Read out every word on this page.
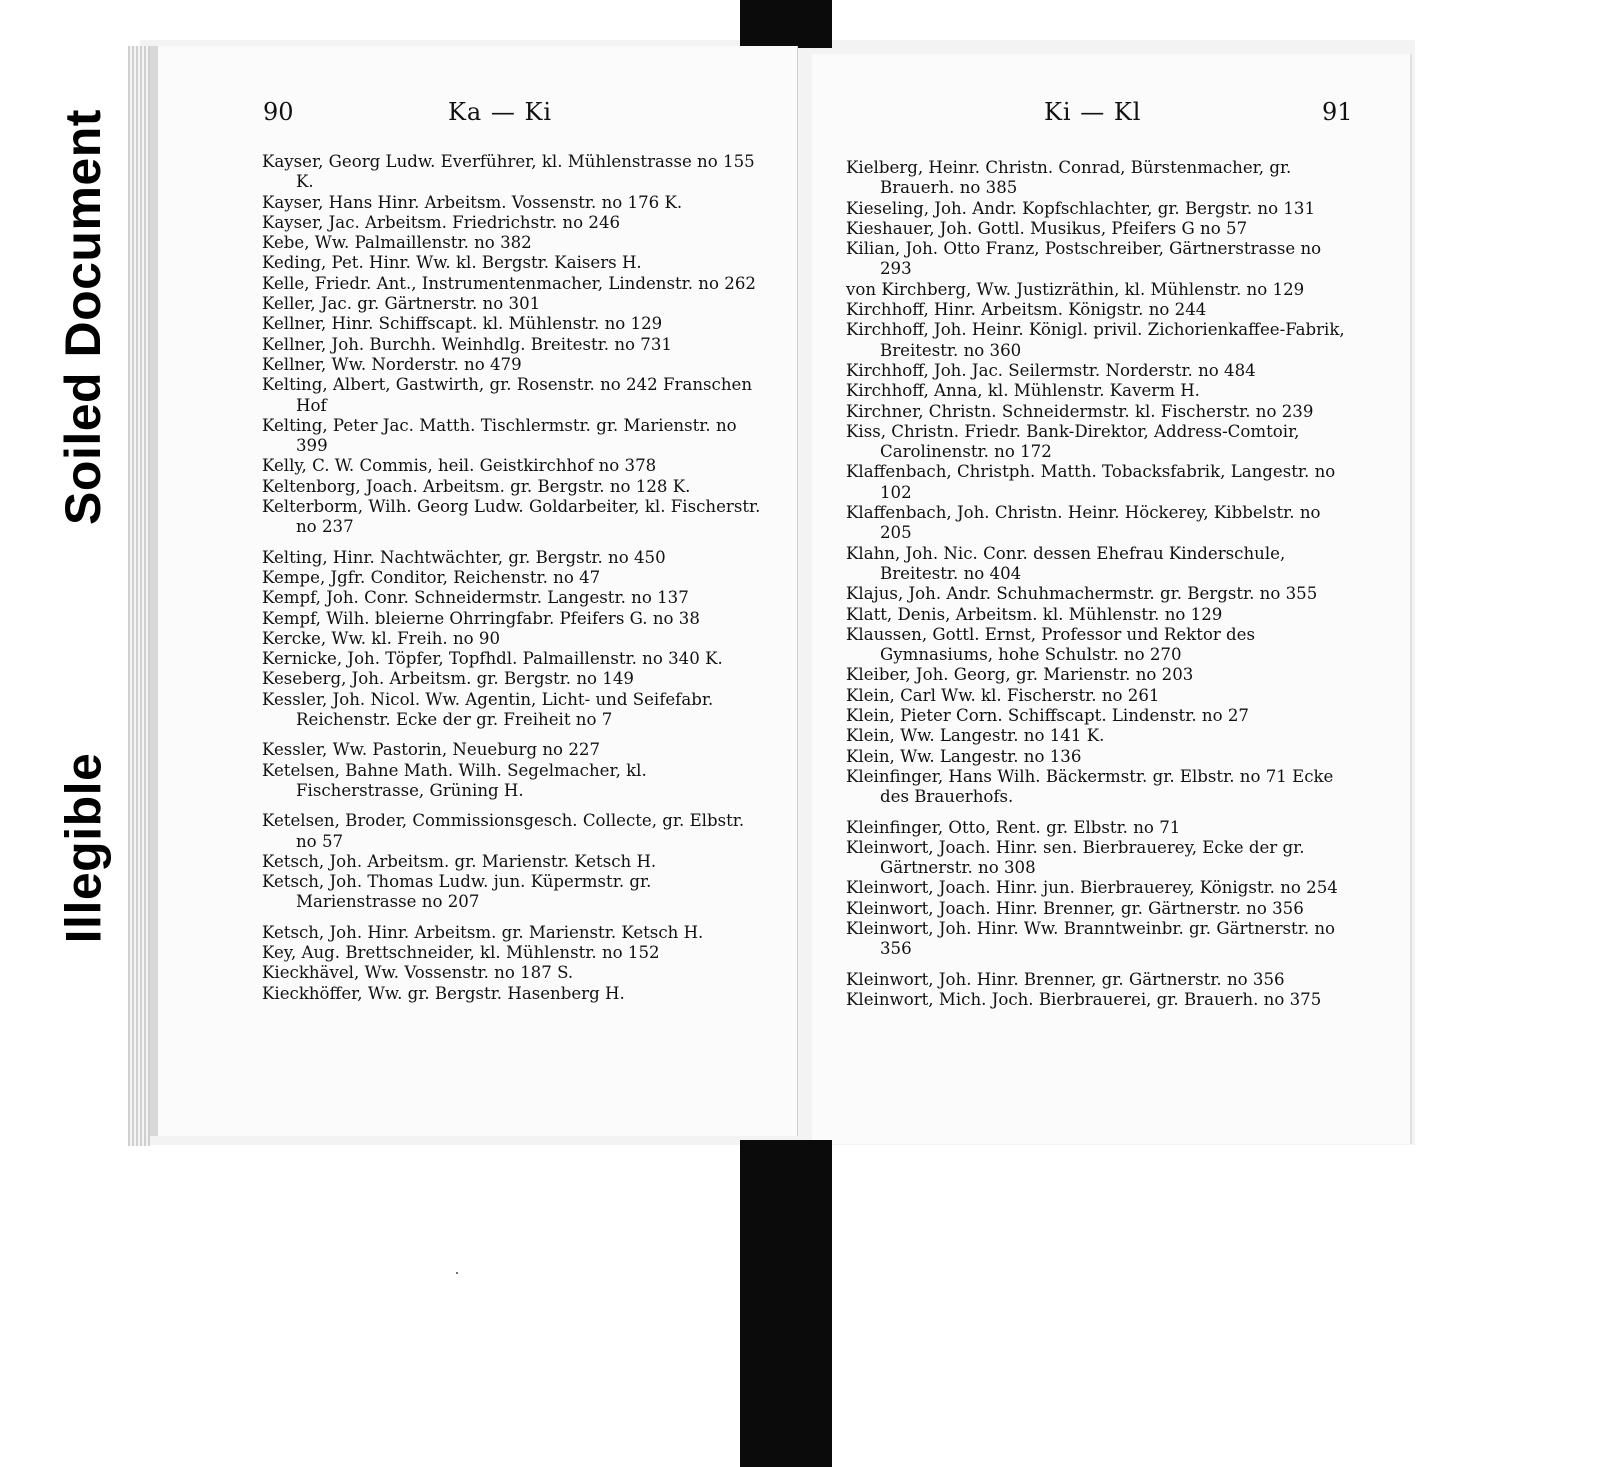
Soiled Document
Illegible
90	Ka — Ki	Ki — Kl	91

Kayser, Georg Ludw. Everführer, kl. Mühlenstrasse no 155 K.

Kayser, Hans Hinr. Arbeitsm. Vossenstr. no 176 K.

Kayser, Jac. Arbeitsm. Friedrichstr. no 246

Kebe, Ww. Palmaillenstr. no 382

Keding, Pet. Hinr. Ww. kl. Bergstr. Kaisers H.

Kelle, Friedr. Ant., Instrumentenmacher, Lindenstr. no 262

Keller, Jac. gr. Gärtnerstr. no 301

Kellner, Hinr. Schiffscapt. kl. Mühlenstr. no 129

Kellner, Joh. Burchh. Weinhdlg. Breitestr. no 731

Kellner, Ww. Norderstr. no 479

Kelting, Albert, Gastwirth, gr. Rosenstr. no 242 Franschen Hof

Kelting, Peter Jac. Matth. Tischlermstr. gr. Marienstr. no 399

Kelly, C. W. Commis, heil. Geistkirchhof no 378

Keltenborg, Joach. Arbeitsm. gr. Bergstr. no 128 K.

Kelterborm, Wilh. Georg Ludw. Goldarbeiter, kl. Fischerstr. no 237

Kelting, Hinr. Nachtwächter, gr. Bergstr. no 450

Kempe, Jgfr. Conditor, Reichenstr. no 47

Kempf, Joh. Conr. Schneidermstr. Langestr. no 137

Kempf, Wilh. bleierne Ohrringfabr. Pfeifers G. no 38

Kercke, Ww. kl. Freih. no 90

Kernicke, Joh. Töpfer, Topfhdl. Palmaillenstr. no 340 K.

Keseberg, Joh. Arbeitsm. gr. Bergstr. no 149

Kessler, Joh. Nicol. Ww. Agentin, Licht- und Seifefabr. Reichenstr. Ecke der gr. Freiheit no 7

Kessler, Ww. Pastorin, Neueburg no 227

Ketelsen, Bahne Math. Wilh. Segelmacher, kl. Fischerstrasse, Grüning H.

Ketelsen, Broder, Commissionsgesch. Collecte, gr. Elbstr. no 57

Ketsch, Joh. Arbeitsm. gr. Marienstr. Ketsch H.

Ketsch, Joh. Thomas Ludw. jun. Küpermstr. gr. Marienstrasse no 207

Ketsch, Joh. Hinr. Arbeitsm. gr. Marienstr. Ketsch H.

Key, Aug. Brettschneider, kl. Mühlenstr. no 152

Kieckhävel, Ww. Vossenstr. no 187 S.

Kieckhöffer, Ww. gr. Bergstr. Hasenberg H.

Kielberg, Heinr. Christn. Conrad, Bürstenmacher, gr. Brauerh. no 385

Kieseling, Joh. Andr. Kopfschlachter, gr. Bergstr. no 131

Kieshauer, Joh. Gottl. Musikus, Pfeifers G no 57

Kilian, Joh. Otto Franz, Postschreiber, Gärtnerstrasse no 293

von Kirchberg, Ww. Justizräthin, kl. Mühlenstr. no 129

Kirchhoff, Hinr. Arbeitsm. Königstr. no 244

Kirchhoff, Joh. Heinr. Königl. privil. Zichorienkaffee-Fabrik, Breitestr. no 360

Kirchhoff, Joh. Jac. Seilermstr. Norderstr. no 484

Kirchhoff, Anna, kl. Mühlenstr. Kaverm H.

Kirchner, Christn. Schneidermstr. kl. Fischerstr. no 239

Kiss, Christn. Friedr. Bank-Direktor, Address-Comtoir, Carolinenstr. no 172

Klaffenbach, Christph. Matth. Tobacksfabrik, Langestr. no 102

Klaffenbach, Joh. Christn. Heinr. Höckerey, Kibbelstr. no 205

Klahn, Joh. Nic. Conr. dessen Ehefrau Kinderschule, Breitestr. no 404

Klajus, Joh. Andr. Schuhmachermstr. gr. Bergstr. no 355

Klatt, Denis, Arbeitsm. kl. Mühlenstr. no 129

Klaussen, Gottl. Ernst, Professor und Rektor des Gymnasiums, hohe Schulstr. no 270

Kleiber, Joh. Georg, gr. Marienstr. no 203

Klein, Carl Ww. kl. Fischerstr. no 261

Klein, Pieter Corn. Schiffscapt. Lindenstr. no 27

Klein, Ww. Langestr. no 141 K.

Klein, Ww. Langestr. no 136

Kleinfinger, Hans Wilh. Bäckermstr. gr. Elbstr. no 71 Ecke des Brauerhofs.

Kleinfinger, Otto, Rent. gr. Elbstr. no 71

Kleinwort, Joach. Hinr. sen. Bierbrauerey, Ecke der gr. Gärtnerstr. no 308

Kleinwort, Joach. Hinr. jun. Bierbrauerey, Königstr. no 254

Kleinwort, Joach. Hinr. Brenner, gr. Gärtnerstr. no 356

Kleinwort, Joh. Hinr. Ww. Branntweinbr. gr. Gärtnerstr. no 356

Kleinwort, Joh. Hinr. Brenner, gr. Gärtnerstr. no 356

Kleinwort, Mich. Joch. Bierbrauerei, gr. Brauerh. no 375
